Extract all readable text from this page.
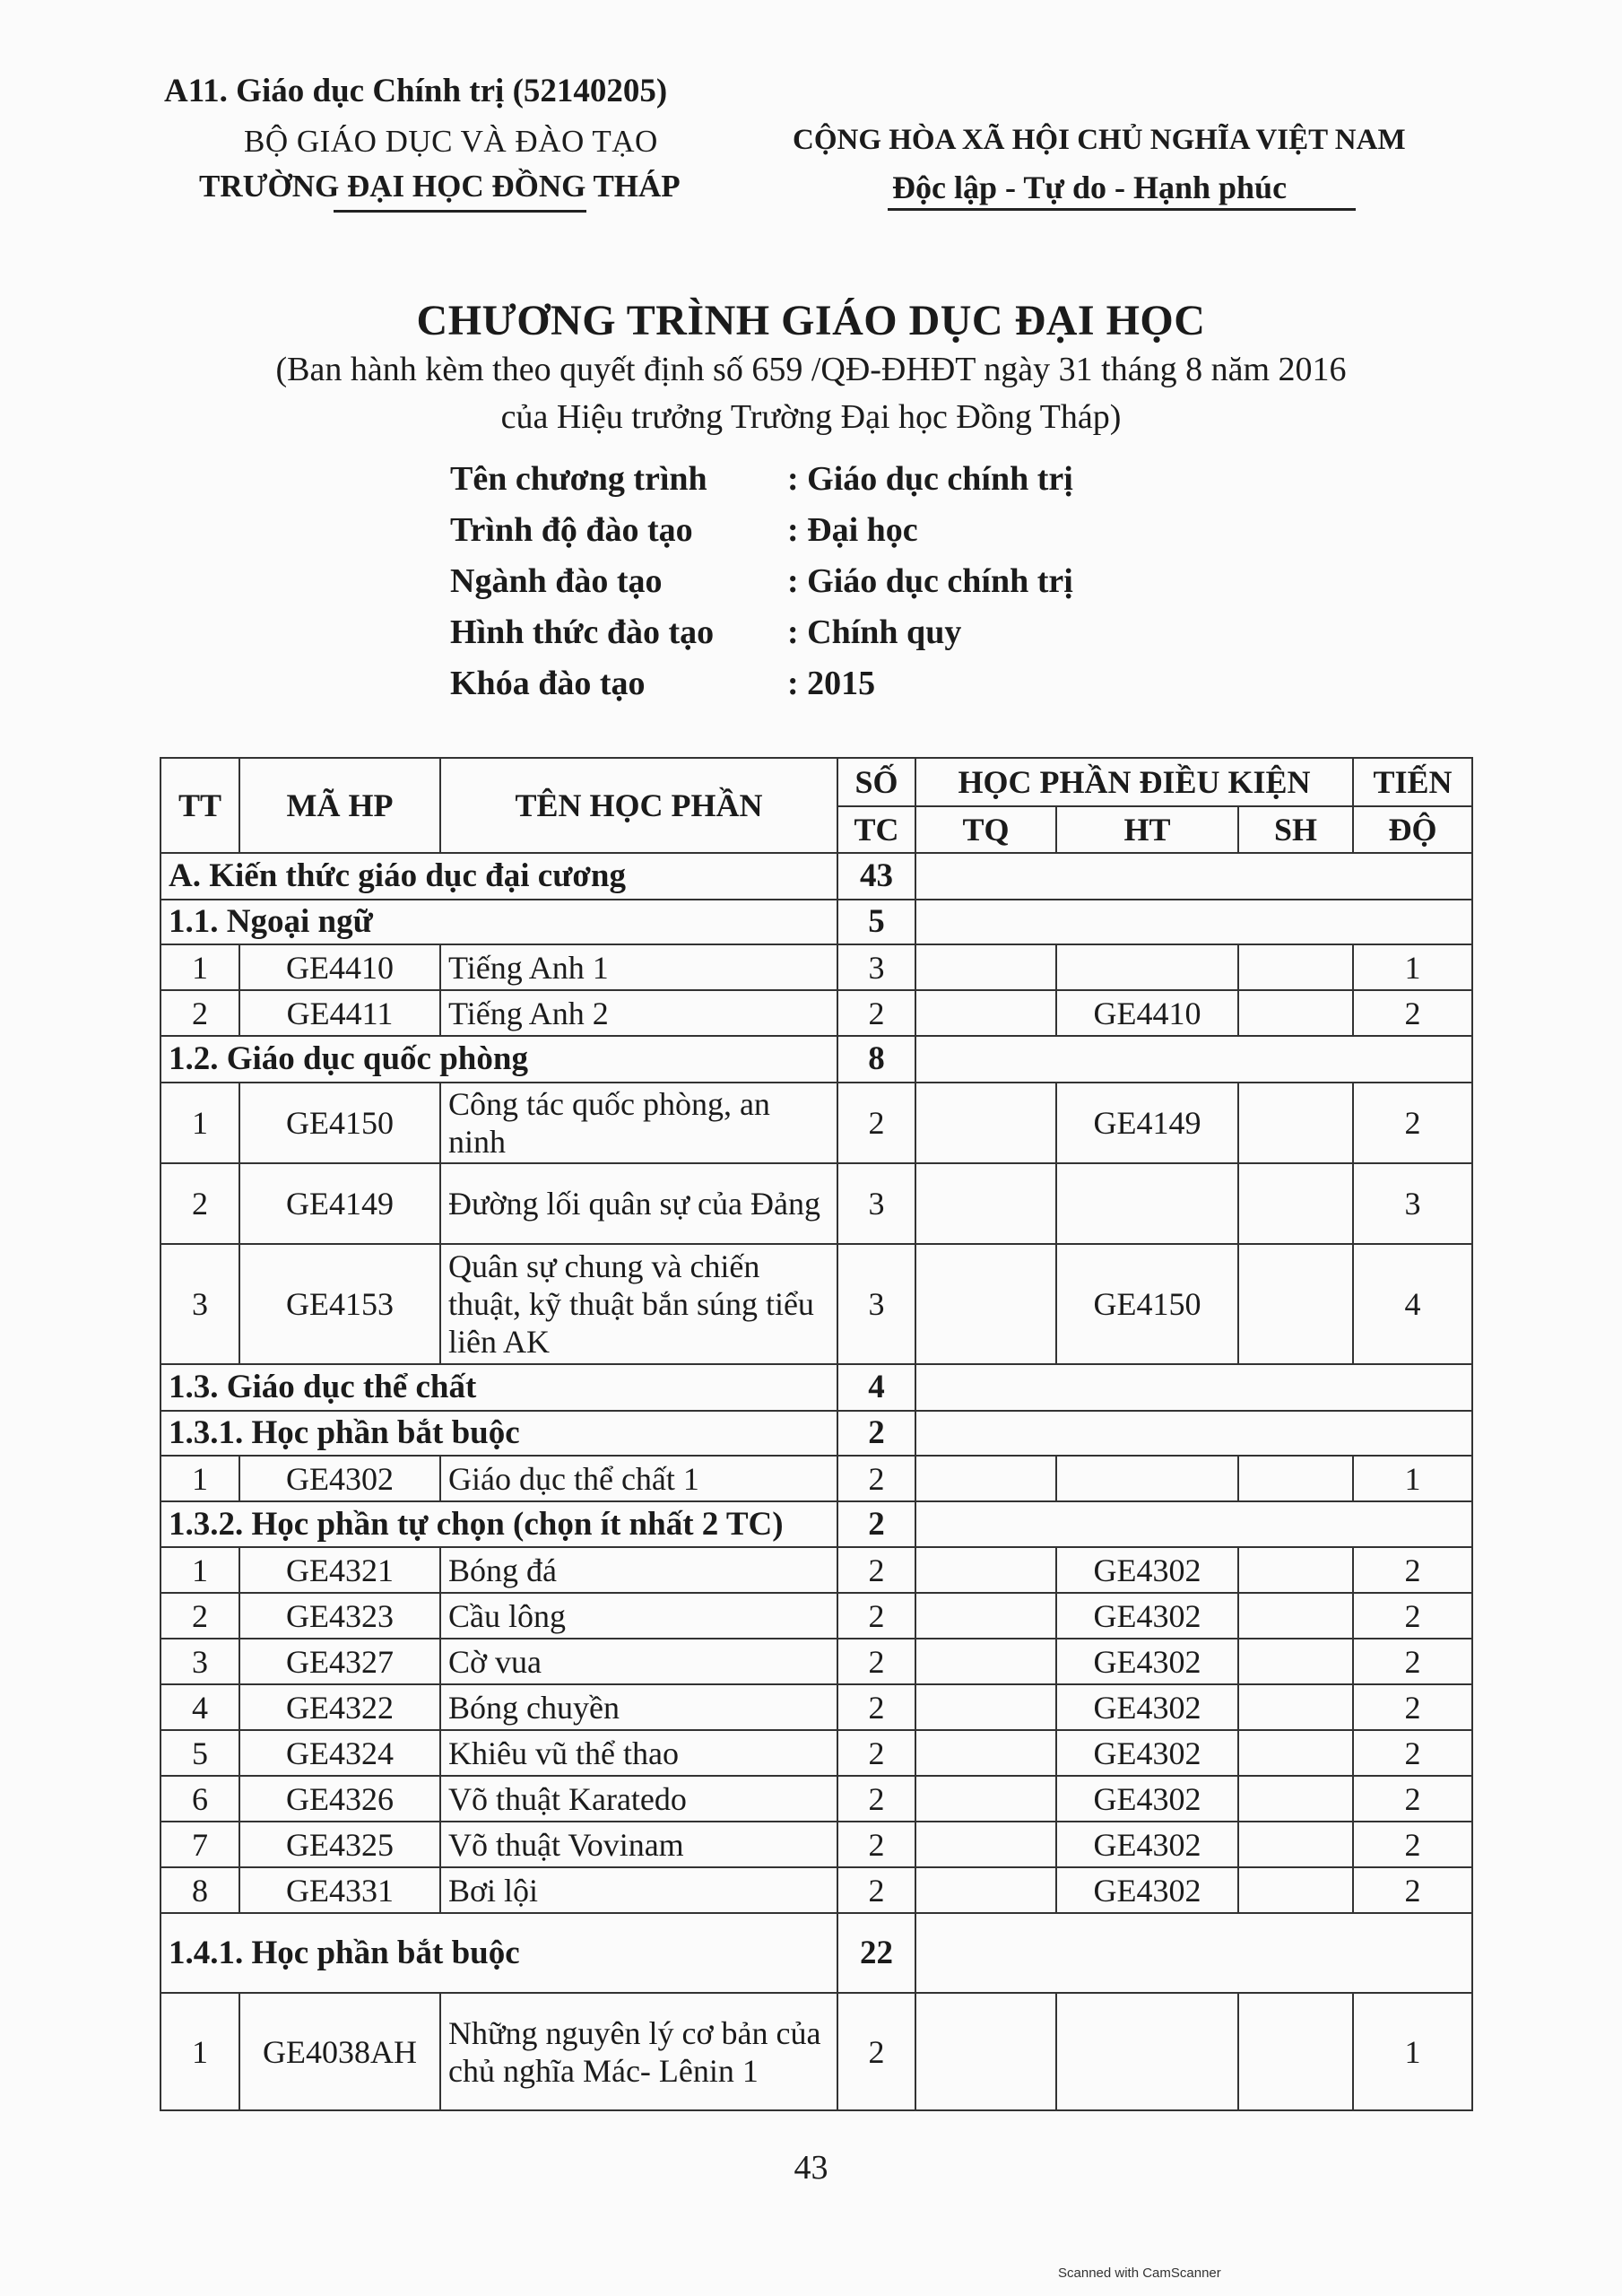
A11. Giáo dục Chính trị (52140205)
BỘ GIÁO DỤC VÀ ĐÀO TẠO
TRƯỜNG ĐẠI HỌC ĐỒNG THÁP
CỘNG HÒA XÃ HỘI CHỦ NGHĨA VIỆT NAM
Độc lập - Tự do - Hạnh phúc
CHƯƠNG TRÌNH GIÁO DỤC ĐẠI HỌC
(Ban hành kèm theo quyết định số 659 /QĐ-ĐHĐT ngày 31 tháng 8 năm 2016
của Hiệu trưởng Trường Đại học Đồng Tháp)
Tên chương trình : Giáo dục chính trị
Trình độ đào tạo	: Đại học
Ngành đào tạo	: Giáo dục chính trị
Hình thức đào tạo : Chính quy
Khóa đào tạo	: 2015
TT	MÃ HP	TÊN HỌC PHẦN	SỐ	HỌC PHẦN ĐIỀU KIỆN			TIẾN
			TC	TQ	HT	SH	ĐỘ
A. Kiến thức giáo dục đại cương			43				
1.1. Ngoại ngữ			5				
1	GE4410	Tiếng Anh 1	3				1
2	GE4411	Tiếng Anh 2	2		GE4410		2
1.2. Giáo dục quốc phòng			8				
1	GE4150	Công tác quốc phòng, an ninh	2		GE4149		2
2	GE4149	Đường lối quân sự của Đảng	3				3
3	GE4153	Quân sự chung và chiến thuật, kỹ thuật bắn súng tiểu liên AK	3		GE4150		4
1.3. Giáo dục thể chất			4				
1.3.1. Học phần bắt buộc			2				
1	GE4302	Giáo dục thể chất 1	2				1
1.3.2. Học phần tự chọn (chọn ít nhất 2 TC)			2				
1	GE4321	Bóng đá	2		GE4302		2
2	GE4323	Cầu lông	2		GE4302		2
3	GE4327	Cờ vua	2		GE4302		2
4	GE4322	Bóng chuyền	2		GE4302		2
5	GE4324	Khiêu vũ thể thao	2		GE4302		2
6	GE4326	Võ thuật Karatedo	2		GE4302		2
7	GE4325	Võ thuật Vovinam	2		GE4302		2
8	GE4331	Bơi lội	2		GE4302		2
1.4.1. Học phần bắt buộc			22				
1	GE4038AH	Những nguyên lý cơ bản của chủ nghĩa Mác- Lênin 1	2				1
43
Scanned with CamScanner
